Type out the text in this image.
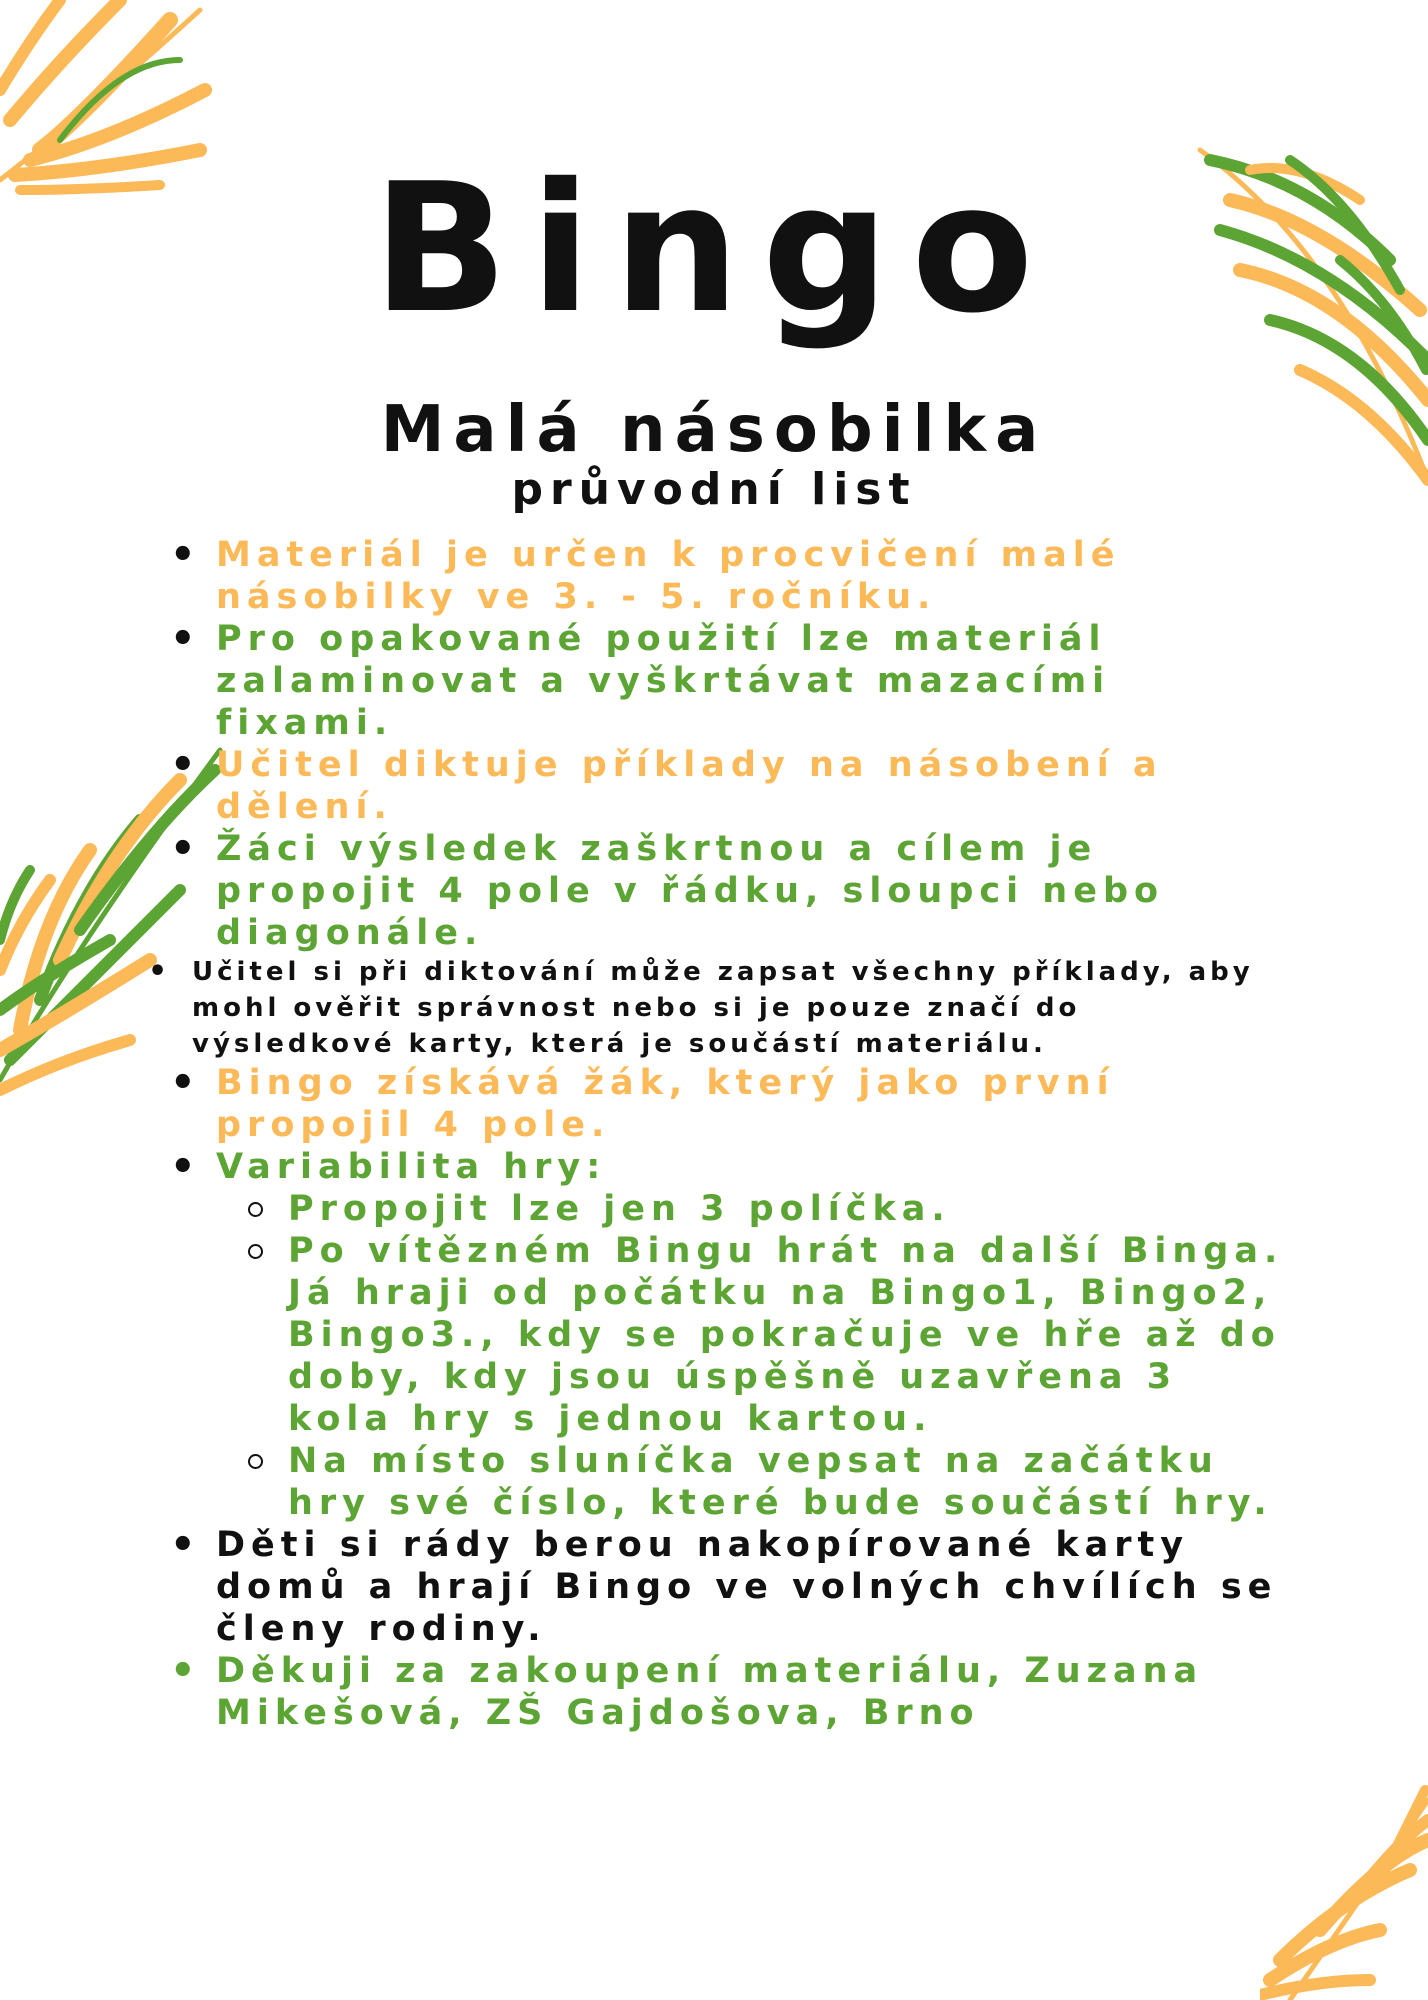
Bingo
Malá násobilka
průvodní list
• Materiál je určen k procvičení malé násobilky ve 3. - 5. ročníku.
• Pro opakované použití lze materiál zalaminovat a vyškrtávat mazacími fixami.
• Učitel diktuje příklady na násobení a dělení.
• Žáci výsledek zaškrtnou a cílem je propojit 4 pole v řádku, sloupci nebo diagonále.
• Učitel si při diktování může zapsat všechny příklady, aby mohl ověřit správnost nebo si je pouze značí do výsledkové karty, která je součástí materiálu.
• Bingo získává žák, který jako první propojil 4 pole.
• Variabilita hry:
Propojit lze jen 3 políčka.
Po vítězném Bingu hrát na další Binga. Já hraji od počátku na Bingo1, Bingo2, Bingo3., kdy se pokračuje ve hře až do doby, kdy jsou úspěšně uzavřena 3 kola hry s jednou kartou.
Na místo sluníčka vepsat na začátku hry své číslo, které bude součástí hry.
• Děti si rády berou nakopírované karty domů a hrají Bingo ve volných chvílích se členy rodiny.
• Děkuji za zakoupení materiálu, Zuzana Mikešová, ZŠ Gajdošova, Brno
